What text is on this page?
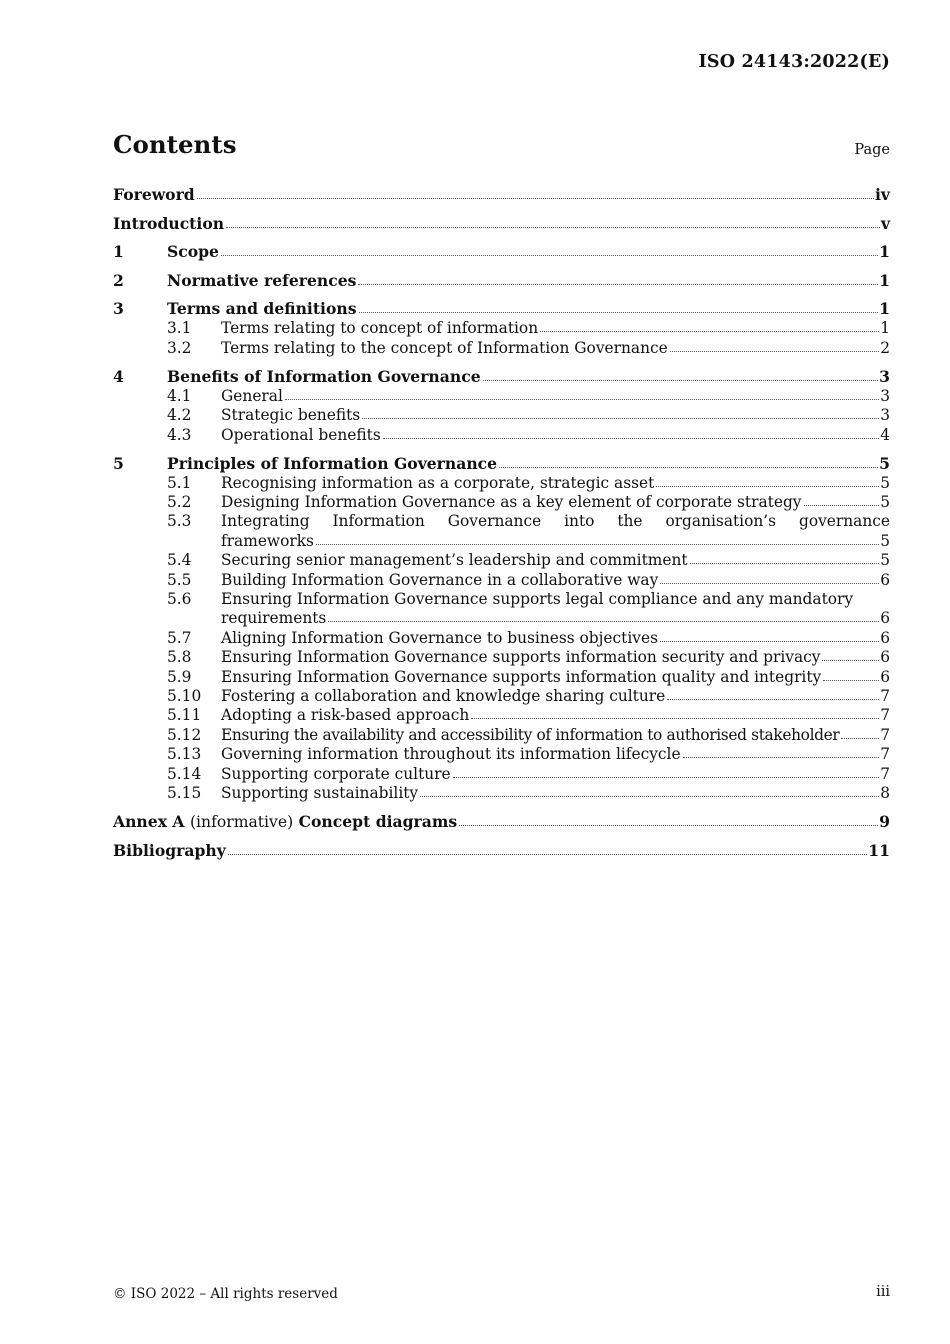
ISO 24143:2022(E)
Contents	Page
Foreword	iv
Introduction	v
1	Scope	1
2	Normative references	1
3	Terms and definitions	1
3.1	Terms relating to concept of information	1
3.2	Terms relating to the concept of Information Governance	2
4	Benefits of Information Governance	3
4.1	General	3
4.2	Strategic benefits	3
4.3	Operational benefits	4
5	Principles of Information Governance	5
5.1	Recognising information as a corporate, strategic asset	5
5.2	Designing Information Governance as a key element of corporate strategy	5
5.3	Integrating Information Governance into the organisation’s governance
frameworks	5
5.4	Securing senior management’s leadership and commitment	5
5.5	Building Information Governance in a collaborative way	6
5.6	Ensuring Information Governance supports legal compliance and any mandatory
requirements	6
5.7	Aligning Information Governance to business objectives	6
5.8	Ensuring Information Governance supports information security and privacy	6
5.9	Ensuring Information Governance supports information quality and integrity	6
5.10	Fostering a collaboration and knowledge sharing culture	7
5.11	Adopting a risk-based approach	7
5.12	Ensuring the availability and accessibility of information to authorised stakeholder	7
5.13	Governing information throughout its information lifecycle	7
5.14	Supporting corporate culture	7
5.15	Supporting sustainability	8
Annex A (informative) Concept diagrams	9
Bibliography	11
© ISO 2022 – All rights reserved	iii
